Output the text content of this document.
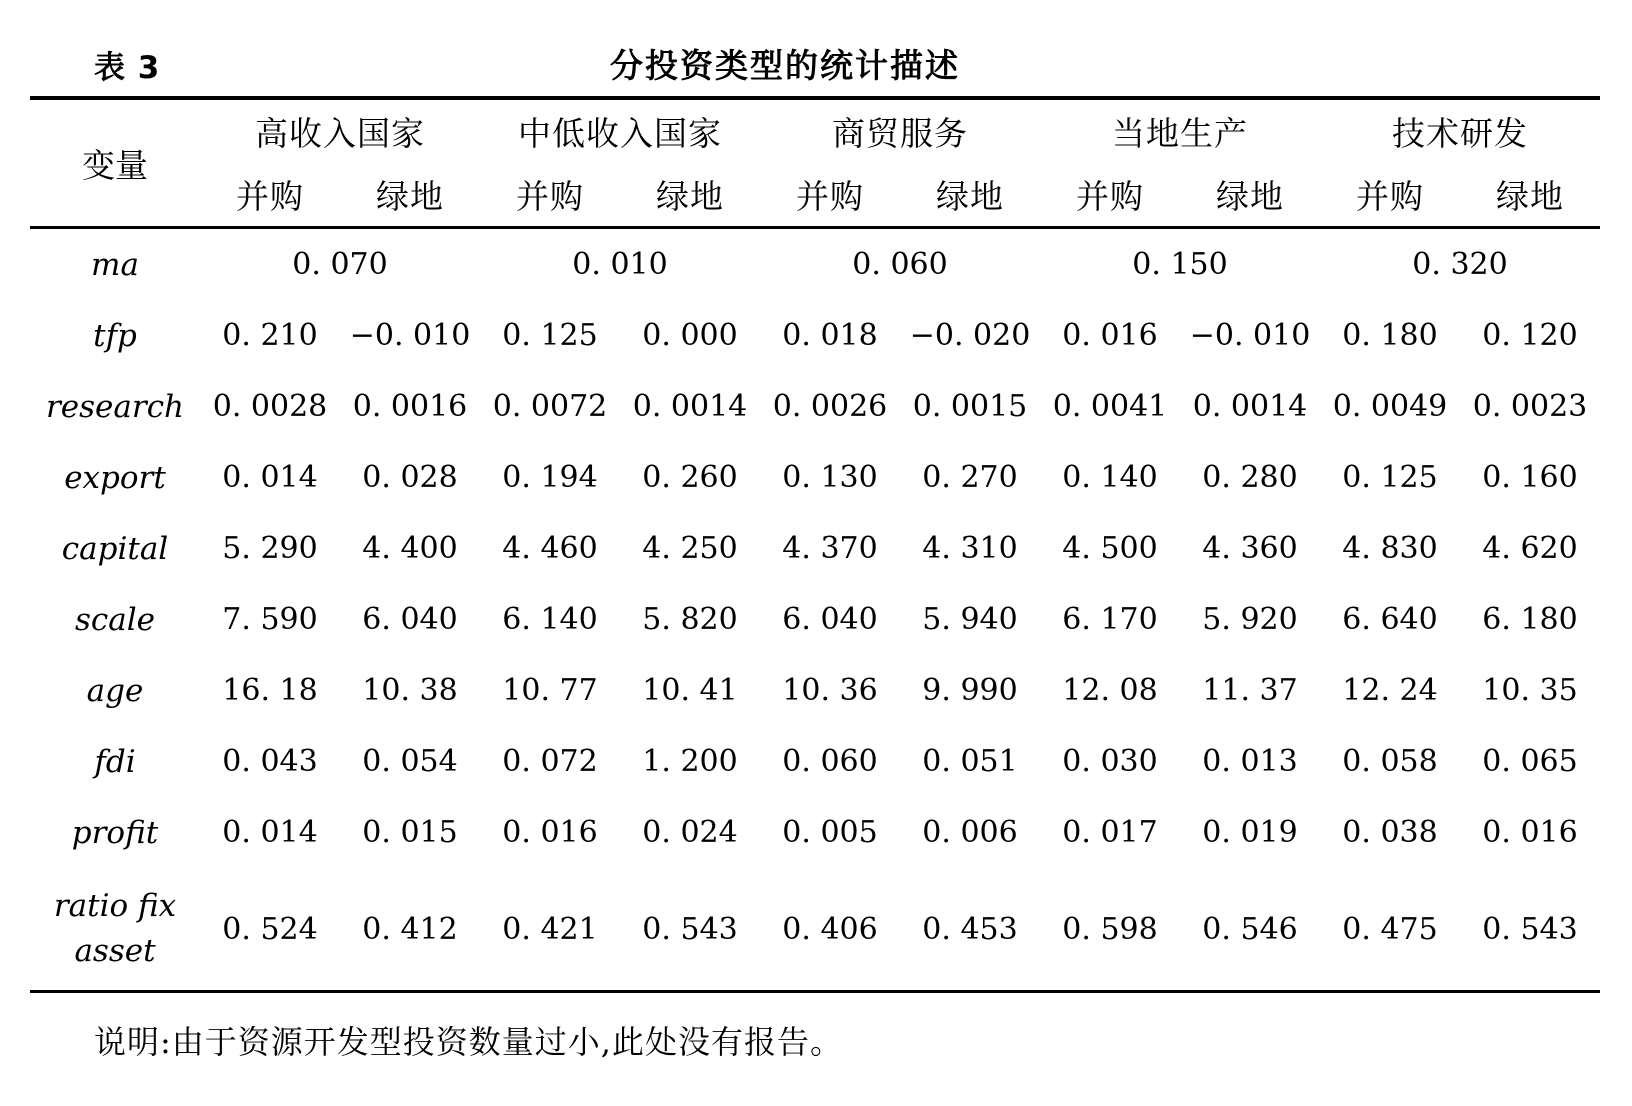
表 3	分投资类型的统计描述
变量	高收入国家		中低收入国家		商贸服务		当地生产		技术研发	
	并购	绿地	并购	绿地	并购	绿地	并购	绿地	并购	绿地
ma	0. 070		0. 010		0. 060		0. 150		0. 320	
tfp	0. 210	−0. 010	0. 125	0. 000	0. 018	−0. 020	0. 016	−0. 010	0. 180	0. 120
research	0. 0028	0. 0016	0. 0072	0. 0014	0. 0026	0. 0015	0. 0041	0. 0014	0. 0049	0. 0023
export	0. 014	0. 028	0. 194	0. 260	0. 130	0. 270	0. 140	0. 280	0. 125	0. 160
capital	5. 290	4. 400	4. 460	4. 250	4. 370	4. 310	4. 500	4. 360	4. 830	4. 620
scale	7. 590	6. 040	6. 140	5. 820	6. 040	5. 940	6. 170	5. 920	6. 640	6. 180
age	16. 18	10. 38	10. 77	10. 41	10. 36	9. 990	12. 08	11. 37	12. 24	10. 35
fdi	0. 043	0. 054	0. 072	1. 200	0. 060	0. 051	0. 030	0. 013	0. 058	0. 065
profit	0. 014	0. 015	0. 016	0. 024	0. 005	0. 006	0. 017	0. 019	0. 038	0. 016

ratio fix
asset	0. 524	0. 412	0. 421	0. 543	0. 406	0. 453	0. 598	0. 546	0. 475	0. 543

说明:由于资源开发型投资数量过小,此处没有报告。
